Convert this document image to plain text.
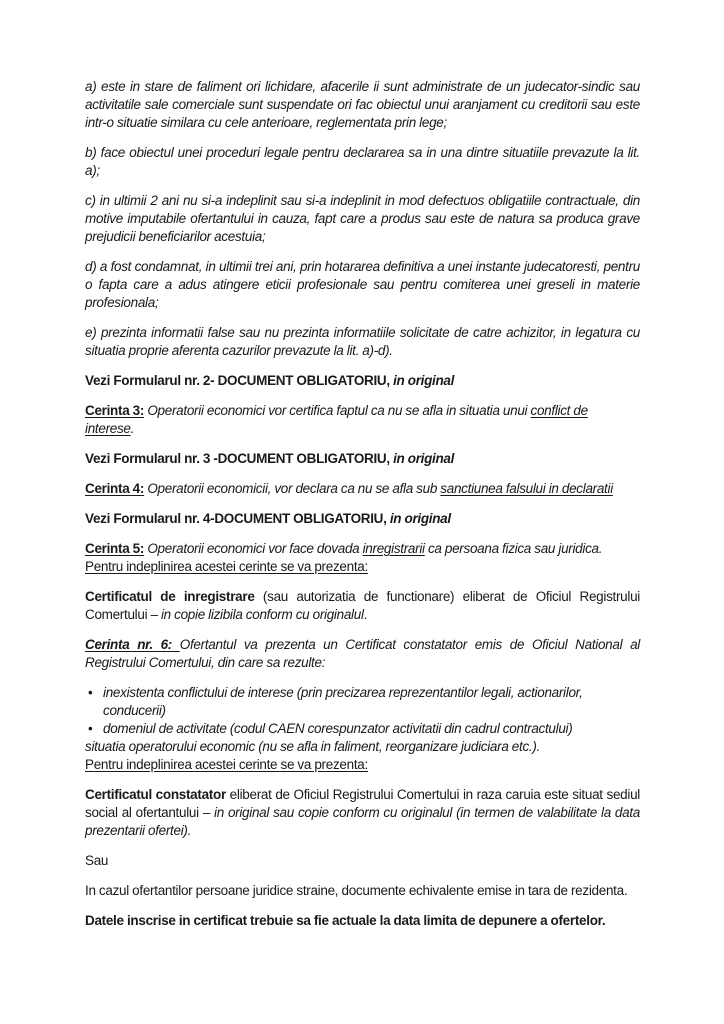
a) este in stare de faliment ori lichidare, afacerile ii sunt administrate de un judecator-sindic sau activitatile sale comerciale sunt suspendate ori fac obiectul unui aranjament cu creditorii sau este intr-o situatie similara cu cele anterioare, reglementata prin lege;
b) face obiectul unei proceduri legale pentru declararea sa in una dintre situatiile prevazute la lit. a);
c) in ultimii 2 ani nu si-a indeplinit sau si-a indeplinit in mod defectuos obligatiile contractuale, din motive imputabile ofertantului in cauza, fapt care a produs sau este de natura sa produca grave prejudicii beneficiarilor acestuia;
d) a fost condamnat, in ultimii trei ani, prin hotararea definitiva a unei instante judecatoresti, pentru o fapta care a adus atingere eticii profesionale sau pentru comiterea unei greseli in materie profesionala;
e) prezinta informatii false sau nu prezinta informatiile solicitate de catre achizitor, in legatura cu situatia proprie aferenta cazurilor prevazute la lit. a)-d).
Vezi Formularul nr. 2- DOCUMENT OBLIGATORIU, in original
Cerinta 3: Operatorii economici vor certifica faptul ca nu se afla in situatia unui conflict de interese.
Vezi Formularul nr. 3 -DOCUMENT OBLIGATORIU, in original
Cerinta 4: Operatorii economicii, vor declara ca nu se afla sub sanctiunea falsului in declaratii
Vezi Formularul nr. 4-DOCUMENT OBLIGATORIU, in original
Cerinta 5: Operatorii economici vor face dovada inregistrarii ca persoana fizica sau juridica.
Pentru indeplinirea acestei cerinte se va prezenta:
Certificatul de inregistrare (sau autorizatia de functionare) eliberat de Oficiul Registrului Comertului – in copie lizibila conform cu originalul.
Cerinta nr. 6: Ofertantul va prezenta un Certificat constatator emis de Oficiul National al Registrului Comertului, din care sa rezulte:
• inexistenta conflictului de interese (prin precizarea reprezentantilor legali, actionarilor, conducerii)
• domeniul de activitate (codul CAEN corespunzator activitatii din cadrul contractului)
situatia operatorului economic (nu se afla in faliment, reorganizare judiciara etc.).
Pentru indeplinirea acestei cerinte se va prezenta:
Certificatul constatator eliberat de Oficiul Registrului Comertului in raza caruia este situat sediul social al ofertantului – in original sau copie conform cu originalul (in termen de valabilitate la data prezentarii ofertei).
Sau
In cazul ofertantilor persoane juridice straine, documente echivalente emise in tara de rezidenta.
Datele inscrise in certificat trebuie sa fie actuale la data limita de depunere a ofertelor.
